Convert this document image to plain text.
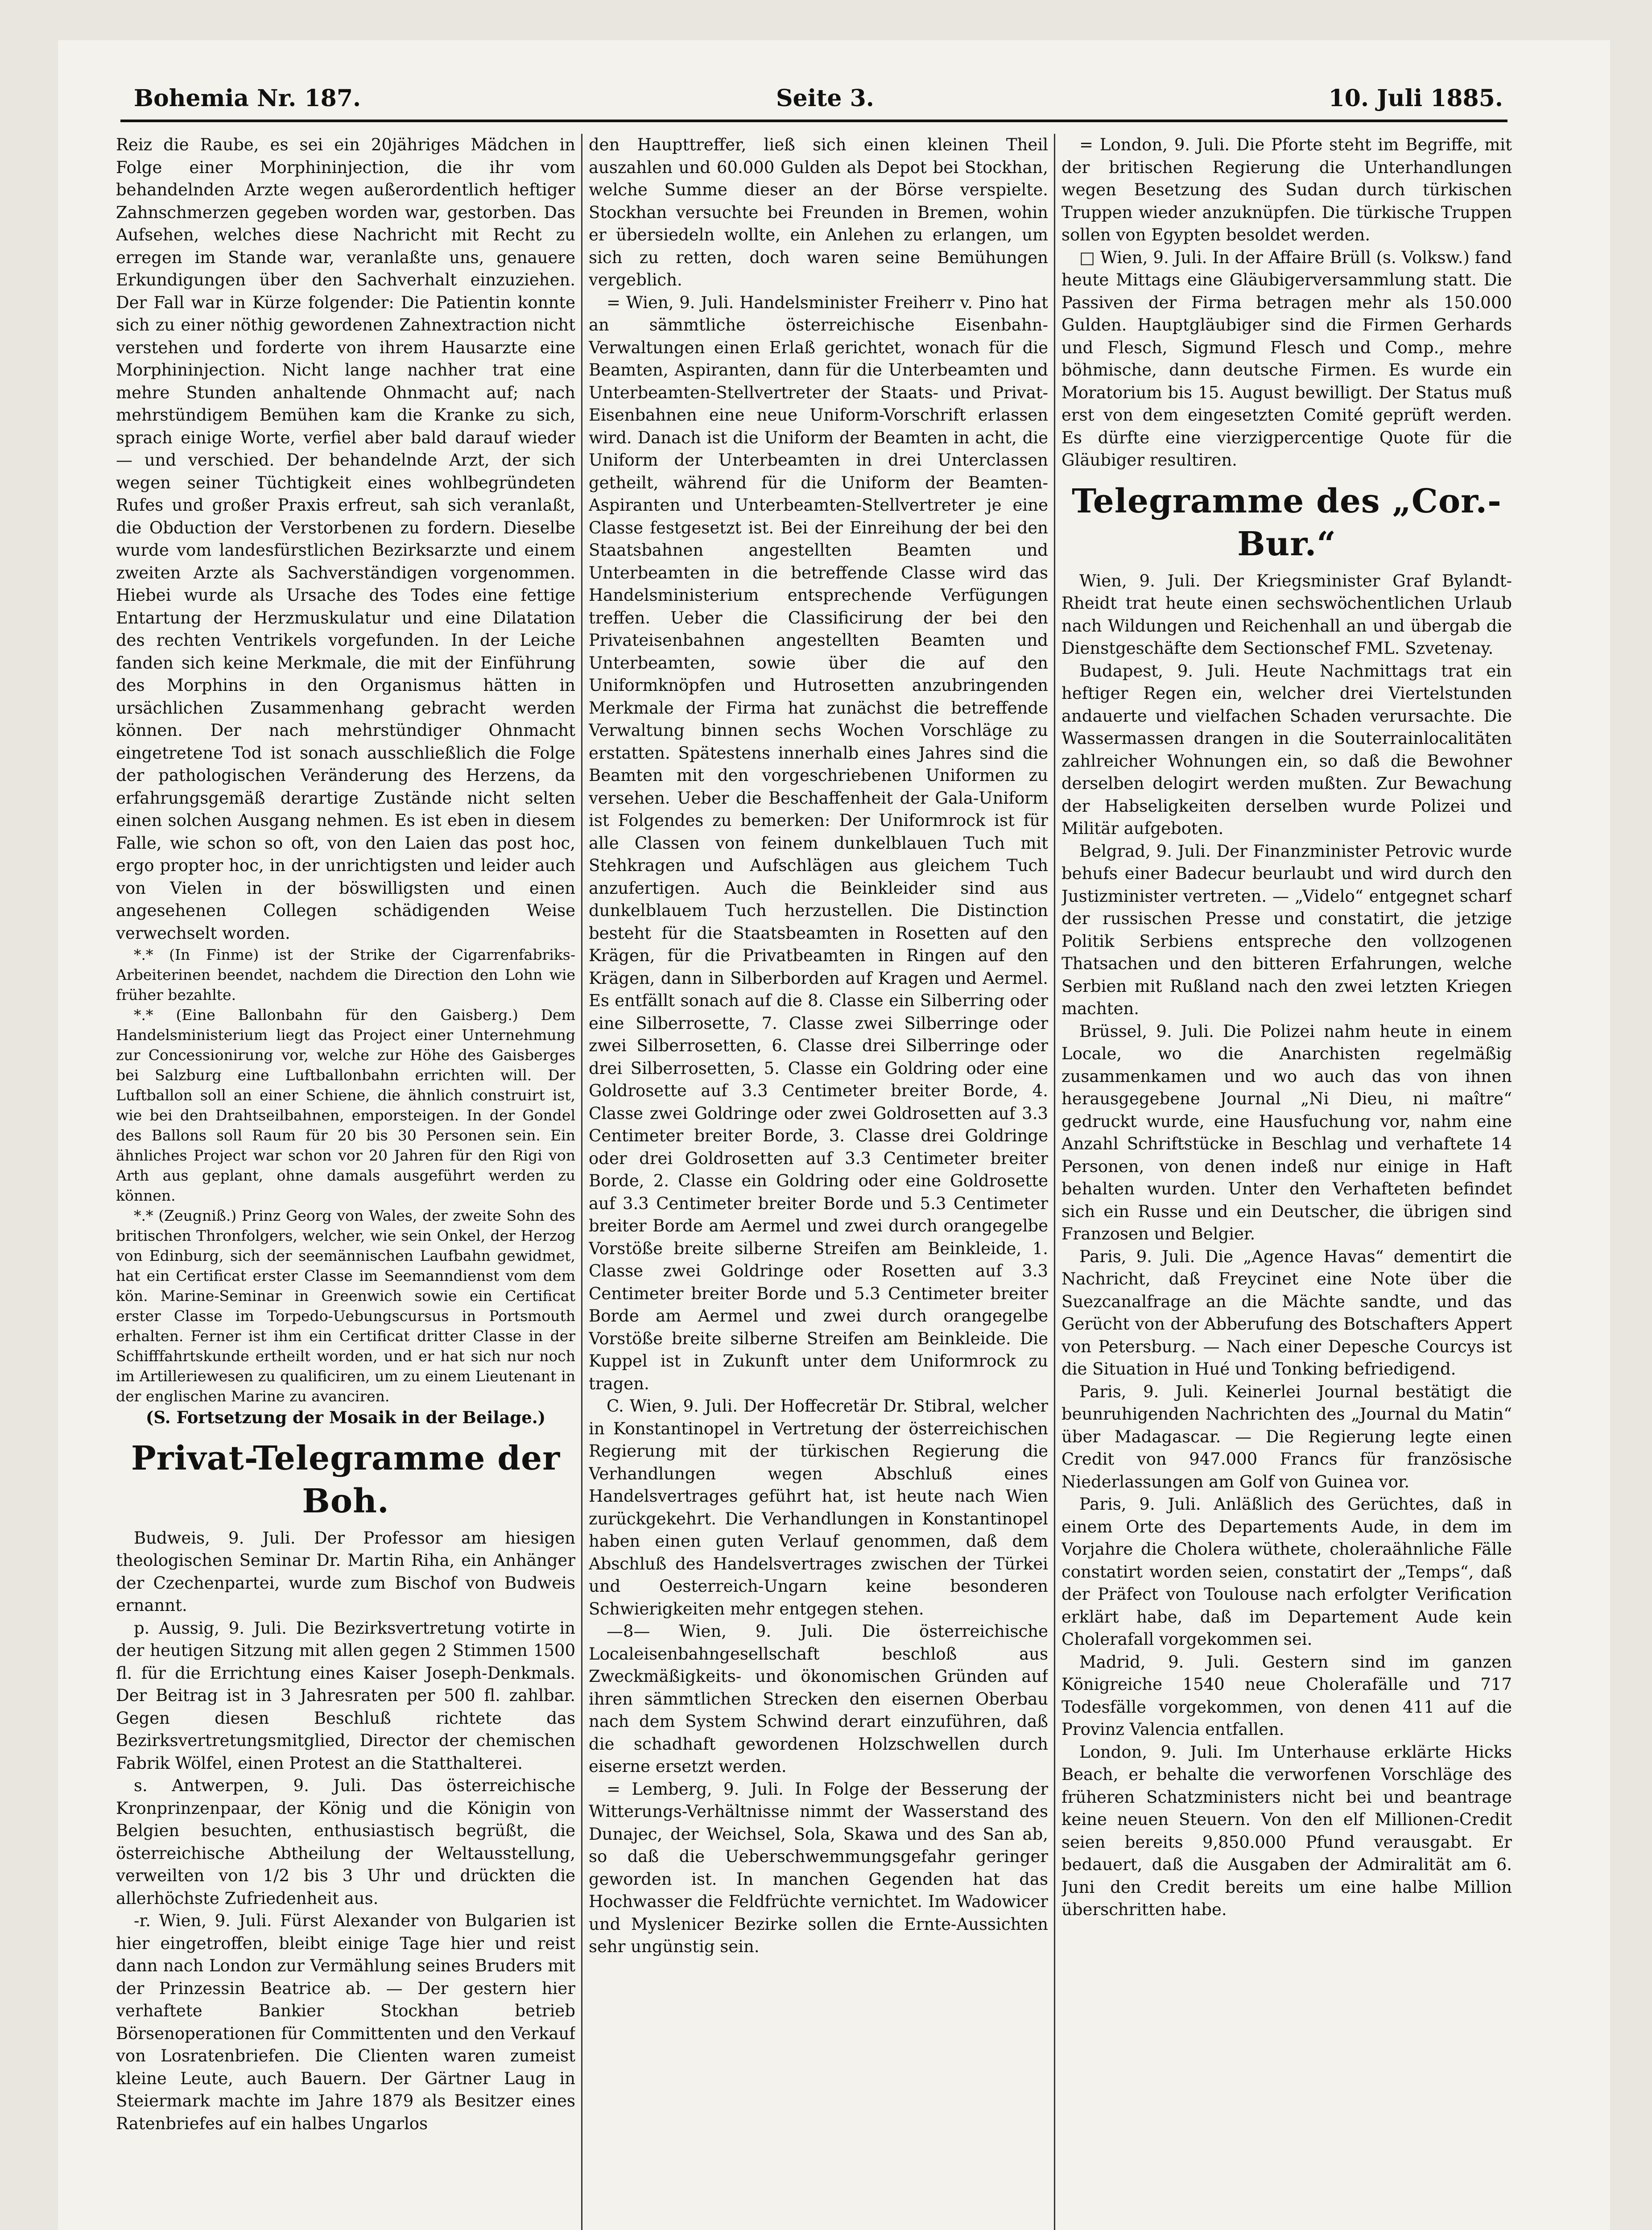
Bohemia Nr. 187.	Seite 3.	10. Juli 1885.

Reiz die Raube, es sei ein 20jähriges Mädchen in Folge einer Morphininjection, die ihr vom behandelnden Arzte wegen außerordentlich heftiger Zahnschmerzen gegeben worden war, gestorben. Das Aufsehen, welches diese Nachricht mit Recht zu erregen im Stande war, veranlaßte uns, genauere Erkundigungen über den Sachverhalt einzuziehen. Der Fall war in Kürze folgender: Die Patientin konnte sich zu einer nöthig gewordenen Zahnextraction nicht verstehen und forderte von ihrem Hausarzte eine Morphininjection. Nicht lange nachher trat eine mehre Stunden anhaltende Ohnmacht auf; nach mehrstündigem Bemühen kam die Kranke zu sich, sprach einige Worte, verfiel aber bald darauf wieder — und verschied. Der behandelnde Arzt, der sich wegen seiner Tüchtigkeit eines wohlbegründeten Rufes und großer Praxis erfreut, sah sich veranlaßt, die Obduction der Verstorbenen zu fordern. Dieselbe wurde vom landesfürstlichen Bezirksarzte und einem zweiten Arzte als Sachverständigen vorgenommen. Hiebei wurde als Ursache des Todes eine fettige Entartung der Herzmuskulatur und eine Dilatation des rechten Ventrikels vorgefunden. In der Leiche fanden sich keine Merkmale, die mit der Einführung des Morphins in den Organismus hätten in ursächlichen Zusammenhang gebracht werden können. Der nach mehrstündiger Ohnmacht eingetretene Tod ist sonach ausschließlich die Folge der pathologischen Veränderung des Herzens, da erfahrungsgemäß derartige Zustände nicht selten einen solchen Ausgang nehmen. Es ist eben in diesem Falle, wie schon so oft, von den Laien das post hoc, ergo propter hoc, in der unrichtigsten und leider auch von Vielen in der böswilligsten und einen angesehenen Collegen schädigenden Weise verwechselt worden.

*.* (In Finme) ist der Strike der Cigarrenfabriks-Arbeiterinen beendet, nachdem die Direction den Lohn wie früher bezahlte.

*.* (Eine Ballonbahn für den Gaisberg.) Dem Handelsministerium liegt das Project einer Unternehmung zur Concessionirung vor, welche zur Höhe des Gaisberges bei Salzburg eine Luftballonbahn errichten will. Der Luftballon soll an einer Schiene, die ähnlich construirt ist, wie bei den Drahtseilbahnen, emporsteigen. In der Gondel des Ballons soll Raum für 20 bis 30 Personen sein. Ein ähnliches Project war schon vor 20 Jahren für den Rigi von Arth aus geplant, ohne damals ausgeführt werden zu können.

*.* (Zeugniß.) Prinz Georg von Wales, der zweite Sohn des britischen Thronfolgers, welcher, wie sein Onkel, der Herzog von Edinburg, sich der seemännischen Laufbahn gewidmet, hat ein Certificat erster Classe im Seemanndienst vom dem kön. Marine-Seminar in Greenwich sowie ein Certificat erster Classe im Torpedo-Uebungscursus in Portsmouth erhalten. Ferner ist ihm ein Certificat dritter Classe in der Schifffahrtskunde ertheilt worden, und er hat sich nur noch im Artilleriewesen zu qualificiren, um zu einem Lieutenant in der englischen Marine zu avanciren.

(S. Fortsetzung der Mosaik in der Beilage.)

Privat-Telegramme der Boh.

Budweis, 9. Juli. Der Professor am hiesigen theologischen Seminar Dr. Martin Riha, ein Anhänger der Czechenpartei, wurde zum Bischof von Budweis ernannt.

p. Aussig, 9. Juli. Die Bezirksvertretung votirte in der heutigen Sitzung mit allen gegen 2 Stimmen 1500 fl. für die Errichtung eines Kaiser Joseph-Denkmals. Der Beitrag ist in 3 Jahresraten per 500 fl. zahlbar. Gegen diesen Beschluß richtete das Bezirksvertretungsmitglied, Director der chemischen Fabrik Wölfel, einen Protest an die Statthalterei.

s. Antwerpen, 9. Juli. Das österreichische Kronprinzenpaar, der König und die Königin von Belgien besuchten, enthusiastisch begrüßt, die österreichische Abtheilung der Weltausstellung, verweilten von 1/2 bis 3 Uhr und drückten die allerhöchste Zufriedenheit aus.

-r. Wien, 9. Juli. Fürst Alexander von Bulgarien ist hier eingetroffen, bleibt einige Tage hier und reist dann nach London zur Vermählung seines Bruders mit der Prinzessin Beatrice ab. — Der gestern hier verhaftete Bankier Stockhan betrieb Börsenoperationen für Committenten und den Verkauf von Losratenbriefen. Die Clienten waren zumeist kleine Leute, auch Bauern. Der Gärtner Laug in Steiermark machte im Jahre 1879 als Besitzer eines Ratenbriefes auf ein halbes Ungarlos

den Haupttreffer, ließ sich einen kleinen Theil auszahlen und 60.000 Gulden als Depot bei Stockhan, welche Summe dieser an der Börse verspielte. Stockhan versuchte bei Freunden in Bremen, wohin er übersiedeln wollte, ein Anlehen zu erlangen, um sich zu retten, doch waren seine Bemühungen vergeblich.

= Wien, 9. Juli. Handelsminister Freiherr v. Pino hat an sämmtliche österreichische Eisenbahn-Verwaltungen einen Erlaß gerichtet, wonach für die Beamten, Aspiranten, dann für die Unterbeamten und Unterbeamten-Stellvertreter der Staats- und Privat-Eisenbahnen eine neue Uniform-Vorschrift erlassen wird. Danach ist die Uniform der Beamten in acht, die Uniform der Unterbeamten in drei Unterclassen getheilt, während für die Uniform der Beamten-Aspiranten und Unterbeamten-Stellvertreter je eine Classe festgesetzt ist. Bei der Einreihung der bei den Staatsbahnen angestellten Beamten und Unterbeamten in die betreffende Classe wird das Handelsministerium entsprechende Verfügungen treffen. Ueber die Classificirung der bei den Privateisenbahnen angestellten Beamten und Unterbeamten, sowie über die auf den Uniformknöpfen und Hutrosetten anzubringenden Merkmale der Firma hat zunächst die betreffende Verwaltung binnen sechs Wochen Vorschläge zu erstatten. Spätestens innerhalb eines Jahres sind die Beamten mit den vorgeschriebenen Uniformen zu versehen. Ueber die Beschaffenheit der Gala-Uniform ist Folgendes zu bemerken: Der Uniformrock ist für alle Classen von feinem dunkelblauen Tuch mit Stehkragen und Aufschlägen aus gleichem Tuch anzufertigen. Auch die Beinkleider sind aus dunkelblauem Tuch herzustellen. Die Distinction besteht für die Staatsbeamten in Rosetten auf den Krägen, für die Privatbeamten in Ringen auf den Krägen, dann in Silberborden auf Kragen und Aermel. Es entfällt sonach auf die 8. Classe ein Silberring oder eine Silberrosette, 7. Classe zwei Silberringe oder zwei Silberrosetten, 6. Classe drei Silberringe oder drei Silberrosetten, 5. Classe ein Goldring oder eine Goldrosette auf 3.3 Centimeter breiter Borde, 4. Classe zwei Goldringe oder zwei Goldrosetten auf 3.3 Centimeter breiter Borde, 3. Classe drei Goldringe oder drei Goldrosetten auf 3.3 Centimeter breiter Borde, 2. Classe ein Goldring oder eine Goldrosette auf 3.3 Centimeter breiter Borde und 5.3 Centimeter breiter Borde am Aermel und zwei durch orangegelbe Vorstöße breite silberne Streifen am Beinkleide, 1. Classe zwei Goldringe oder Rosetten auf 3.3 Centimeter breiter Borde und 5.3 Centimeter breiter Borde am Aermel und zwei durch orangegelbe Vorstöße breite silberne Streifen am Beinkleide. Die Kuppel ist in Zukunft unter dem Uniformrock zu tragen.

C. Wien, 9. Juli. Der Hoffecretär Dr. Stibral, welcher in Konstantinopel in Vertretung der österreichischen Regierung mit der türkischen Regierung die Verhandlungen wegen Abschluß eines Handelsvertrages geführt hat, ist heute nach Wien zurückgekehrt. Die Verhandlungen in Konstantinopel haben einen guten Verlauf genommen, daß dem Abschluß des Handelsvertrages zwischen der Türkei und Oesterreich-Ungarn keine besonderen Schwierigkeiten mehr entgegen stehen.

—8— Wien, 9. Juli. Die österreichische Localeisenbahngesellschaft beschloß aus Zweckmäßigkeits- und ökonomischen Gründen auf ihren sämmtlichen Strecken den eisernen Oberbau nach dem System Schwind derart einzuführen, daß die schadhaft gewordenen Holzschwellen durch eiserne ersetzt werden.

= Lemberg, 9. Juli. In Folge der Besserung der Witterungs-Verhältnisse nimmt der Wasserstand des Dunajec, der Weichsel, Sola, Skawa und des San ab, so daß die Ueberschwemmungsgefahr geringer geworden ist. In manchen Gegenden hat das Hochwasser die Feldfrüchte vernichtet. Im Wadowicer und Myslenicer Bezirke sollen die Ernte-Aussichten sehr ungünstig sein.

= London, 9. Juli. Die Pforte steht im Begriffe, mit der britischen Regierung die Unterhandlungen wegen Besetzung des Sudan durch türkischen Truppen wieder anzuknüpfen. Die türkische Truppen sollen von Egypten besoldet werden.

□ Wien, 9. Juli. In der Affaire Brüll (s. Volksw.) fand heute Mittags eine Gläubigerversammlung statt. Die Passiven der Firma betragen mehr als 150.000 Gulden. Hauptgläubiger sind die Firmen Gerhards und Flesch, Sigmund Flesch und Comp., mehre böhmische, dann deutsche Firmen. Es wurde ein Moratorium bis 15. August bewilligt. Der Status muß erst von dem eingesetzten Comité geprüft werden. Es dürfte eine vierzigpercentige Quote für die Gläubiger resultiren.

Telegramme des „Cor.-Bur.“

Wien, 9. Juli. Der Kriegsminister Graf Bylandt-Rheidt trat heute einen sechswöchentlichen Urlaub nach Wildungen und Reichenhall an und übergab die Dienstgeschäfte dem Sectionschef FML. Szvetenay.

Budapest, 9. Juli. Heute Nachmittags trat ein heftiger Regen ein, welcher drei Viertelstunden andauerte und vielfachen Schaden verursachte. Die Wassermassen drangen in die Souterrainlocalitäten zahlreicher Wohnungen ein, so daß die Bewohner derselben delogirt werden mußten. Zur Bewachung der Habseligkeiten derselben wurde Polizei und Militär aufgeboten.

Belgrad, 9. Juli. Der Finanzminister Petrovic wurde behufs einer Badecur beurlaubt und wird durch den Justizminister vertreten. — „Videlo“ entgegnet scharf der russischen Presse und constatirt, die jetzige Politik Serbiens entspreche den vollzogenen Thatsachen und den bitteren Erfahrungen, welche Serbien mit Rußland nach den zwei letzten Kriegen machten.

Brüssel, 9. Juli. Die Polizei nahm heute in einem Locale, wo die Anarchisten regelmäßig zusammenkamen und wo auch das von ihnen herausgegebene Journal „Ni Dieu, ni maître“ gedruckt wurde, eine Hausfuchung vor, nahm eine Anzahl Schriftstücke in Beschlag und verhaftete 14 Personen, von denen indeß nur einige in Haft behalten wurden. Unter den Verhafteten befindet sich ein Russe und ein Deutscher, die übrigen sind Franzosen und Belgier.

Paris, 9. Juli. Die „Agence Havas“ dementirt die Nachricht, daß Freycinet eine Note über die Suezcanalfrage an die Mächte sandte, und das Gerücht von der Abberufung des Botschafters Appert von Petersburg. — Nach einer Depesche Courcys ist die Situation in Hué und Tonking befriedigend.

Paris, 9. Juli. Keinerlei Journal bestätigt die beunruhigenden Nachrichten des „Journal du Matin“ über Madagascar. — Die Regierung legte einen Credit von 947.000 Francs für französische Niederlassungen am Golf von Guinea vor.

Paris, 9. Juli. Anläßlich des Gerüchtes, daß in einem Orte des Departements Aude, in dem im Vorjahre die Cholera wüthete, choleraähnliche Fälle constatirt worden seien, constatirt der „Temps“, daß der Präfect von Toulouse nach erfolgter Verification erklärt habe, daß im Departement Aude kein Cholerafall vorgekommen sei.

Madrid, 9. Juli. Gestern sind im ganzen Königreiche 1540 neue Cholerafälle und 717 Todesfälle vorgekommen, von denen 411 auf die Provinz Valencia entfallen.

London, 9. Juli. Im Unterhause erklärte Hicks Beach, er behalte die verworfenen Vorschläge des früheren Schatzministers nicht bei und beantrage keine neuen Steuern. Von den elf Millionen-Credit seien bereits 9,850.000 Pfund verausgabt. Er bedauert, daß die Ausgaben der Admiralität am 6. Juni den Credit bereits um eine halbe Million überschritten habe.
